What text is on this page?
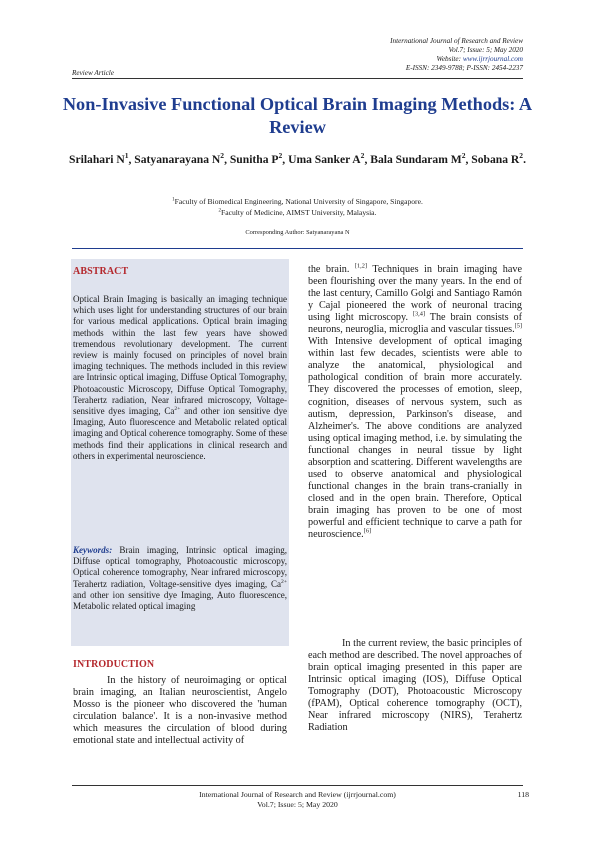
International Journal of Research and Review
Vol.7; Issue: 5; May 2020
Website: www.ijrrjournal.com
E-ISSN: 2349-9788; P-ISSN: 2454-2237
Review Article
Non-Invasive Functional Optical Brain Imaging Methods: A Review
Srilahari $N^1$, Satyanarayana $N^2$, Sunitha $P^2$, Uma Sanker $A^2$, Bala Sundaram $M^2$, Sobana $R^2$.
$^1$Faculty of Biomedical Engineering, National University of Singapore, Singapore.
$^2$Faculty of Medicine, AIMST University, Malaysia.
Corresponding Author: Satyanarayana N
ABSTRACT
Optical Brain Imaging is basically an imaging technique which uses light for understanding structures of our brain for various medical applications. Optical brain imaging methods within the last few years have showed tremendous revolutionary development. The current review is mainly focused on principles of novel brain imaging techniques. The methods included in this review are Intrinsic optical imaging, Diffuse Optical Tomography, Photoacoustic Microscopy, Diffuse Optical Tomography, Terahertz radiation, Near infrared microscopy, Voltage-sensitive dyes imaging, $Ca^{2+}$ and other ion sensitive dye Imaging, Auto fluorescence and Metabolic related optical imaging and Optical coherence tomography. Some of these methods find their applications in clinical research and others in experimental neuroscience.
Keywords: Brain imaging, Intrinsic optical imaging, Diffuse optical tomography, Photoacoustic microscopy, Optical coherence tomography, Near infrared microscopy, Terahertz radiation, Voltage-sensitive dyes imaging, $Ca^{2+}$ and other ion sensitive dye Imaging, Auto fluorescence, Metabolic related optical imaging
INTRODUCTION
In the history of neuroimaging or optical brain imaging, an Italian neuroscientist, Angelo Mosso is the pioneer who discovered the 'human circulation balance'. It is a non-invasive method which measures the circulation of blood during emotional state and intellectual activity of
the brain. [1,2] Techniques in brain imaging have been flourishing over the many years. In the end of the last century, Camillo Golgi and Santiago Ramón y Cajal pioneered the work of neuronal tracing using light microscopy. [3,4] The brain consists of neurons, neuroglia, microglia and vascular tissues.[5] With Intensive development of optical imaging within last few decades, scientists were able to analyze the anatomical, physiological and pathological condition of brain more accurately. They discovered the processes of emotion, sleep, cognition, diseases of nervous system, such as autism, depression, Parkinson's disease, and Alzheimer's. The above conditions are analyzed using optical imaging method, i.e. by simulating the functional changes in neural tissue by light absorption and scattering. Different wavelengths are used to observe anatomical and physiological functional changes in the brain trans-cranially in closed and in the open brain. Therefore, Optical brain imaging has proven to be one of most powerful and efficient technique to carve a path for neuroscience.[6]
In the current review, the basic principles of each method are described. The novel approaches of brain optical imaging presented in this paper are Intrinsic optical imaging (IOS), Diffuse Optical Tomography (DOT), Photoacoustic Microscopy (fPAM), Optical coherence tomography (OCT), Near infrared microscopy (NIRS), Terahertz Radiation
International Journal of Research and Review (ijrrjournal.com)
Vol.7; Issue: 5; May 2020
118
